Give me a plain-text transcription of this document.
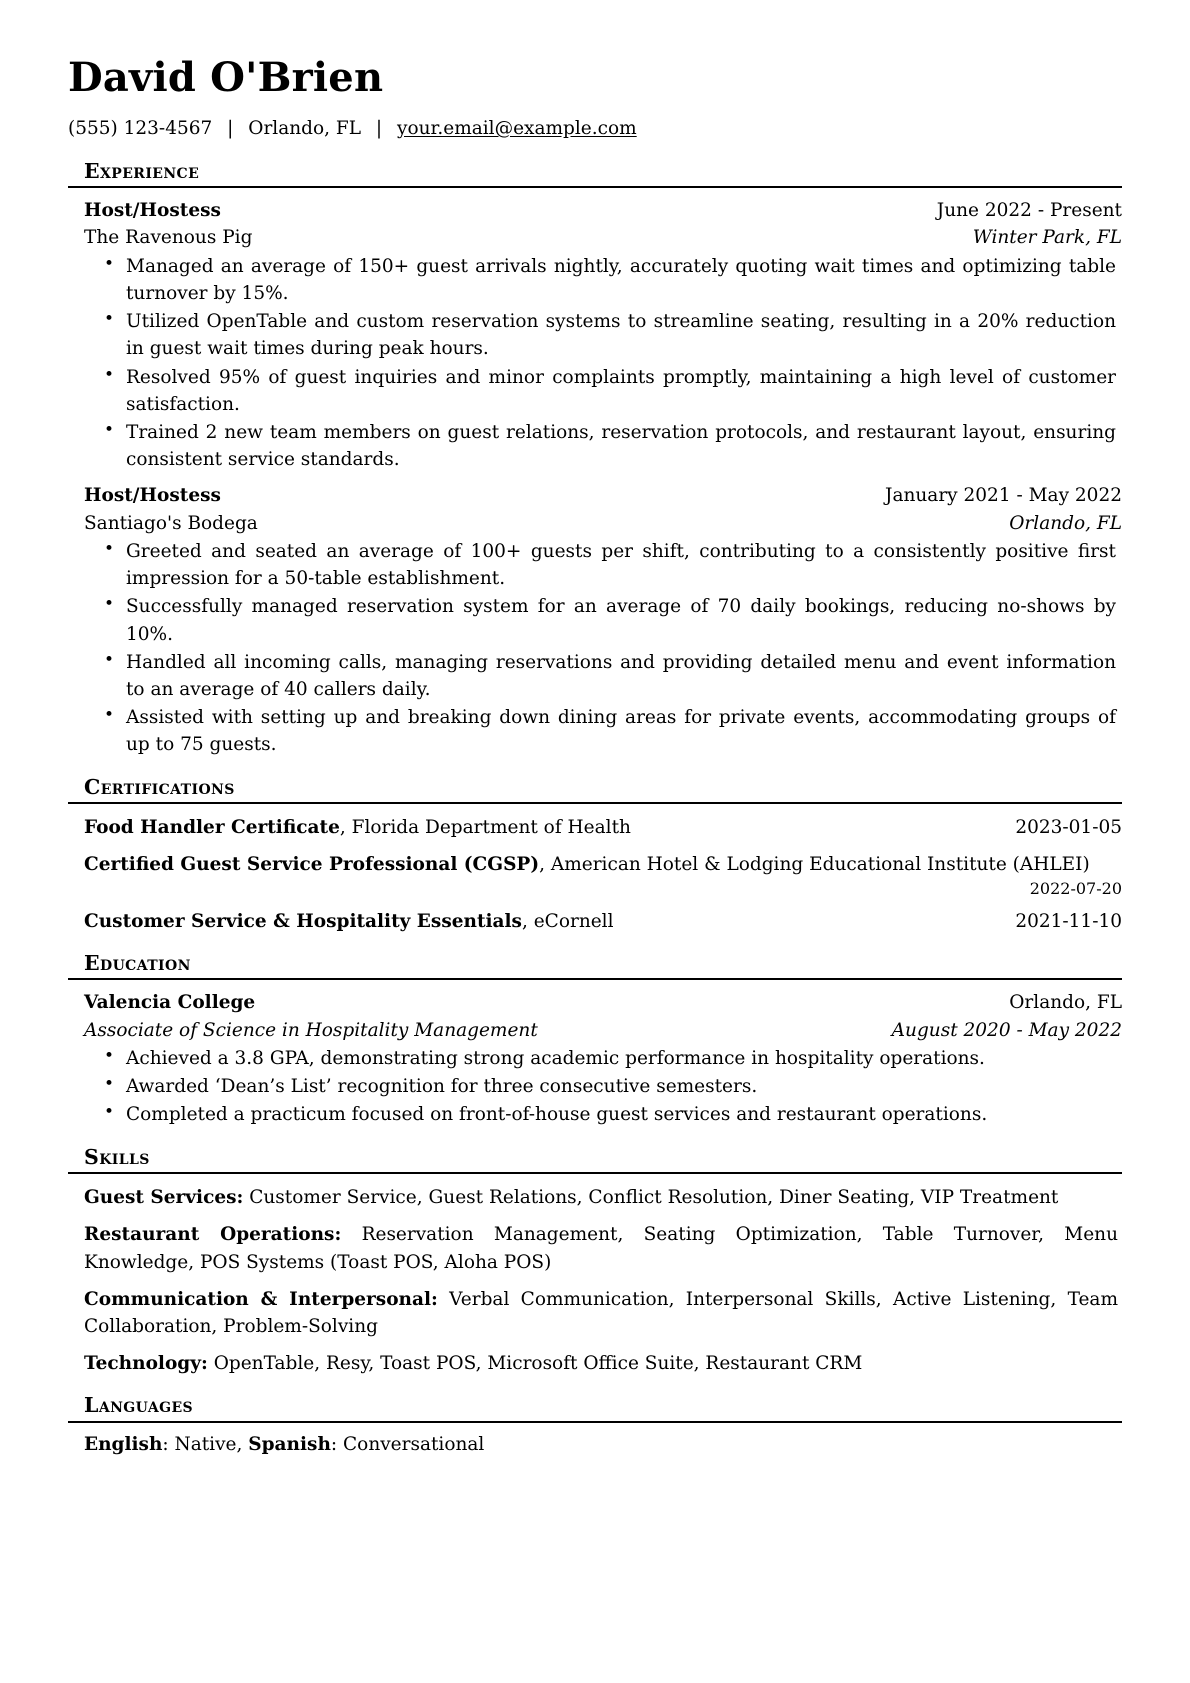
David O'Brien
(555) 123-4567 | Orlando, FL | your.email@example.com
Experience
Host/Hostess	June 2022 - Present
The Ravenous Pig	Winter Park, FL
• Managed an average of 150+ guest arrivals nightly, accurately quoting wait times and optimizing table turnover by 15%.
• Utilized OpenTable and custom reservation systems to streamline seating, resulting in a 20% reduction in guest wait times during peak hours.
• Resolved 95% of guest inquiries and minor complaints promptly, maintaining a high level of customer satisfaction.
• Trained 2 new team members on guest relations, reservation protocols, and restaurant layout, ensuring consistent service standards.
Host/Hostess	January 2021 - May 2022
Santiago's Bodega	Orlando, FL
• Greeted and seated an average of 100+ guests per shift, contributing to a consistently positive first impression for a 50-table establishment.
• Successfully managed reservation system for an average of 70 daily bookings, reducing no-shows by 10%.
• Handled all incoming calls, managing reservations and providing detailed menu and event information to an average of 40 callers daily.
• Assisted with setting up and breaking down dining areas for private events, accommodating groups of up to 75 guests.
Certifications
Food Handler Certificate, Florida Department of Health	2023-01-05
Certified Guest Service Professional (CGSP), American Hotel & Lodging Educational Institute (AHLEI)
2022-07-20
Customer Service & Hospitality Essentials, eCornell	2021-11-10
Education
Valencia College	Orlando, FL
Associate of Science in Hospitality Management	August 2020 - May 2022
• Achieved a 3.8 GPA, demonstrating strong academic performance in hospitality operations.
• Awarded ‘Dean’s List’ recognition for three consecutive semesters.
• Completed a practicum focused on front-of-house guest services and restaurant operations.
Skills
Guest Services: Customer Service, Guest Relations, Conflict Resolution, Diner Seating, VIP Treatment
Restaurant Operations: Reservation Management, Seating Optimization, Table Turnover, Menu Knowledge, POS Systems (Toast POS, Aloha POS)
Communication & Interpersonal: Verbal Communication, Interpersonal Skills, Active Listening, Team Collaboration, Problem-Solving
Technology: OpenTable, Resy, Toast POS, Microsoft Office Suite, Restaurant CRM
Languages
English: Native, Spanish: Conversational
